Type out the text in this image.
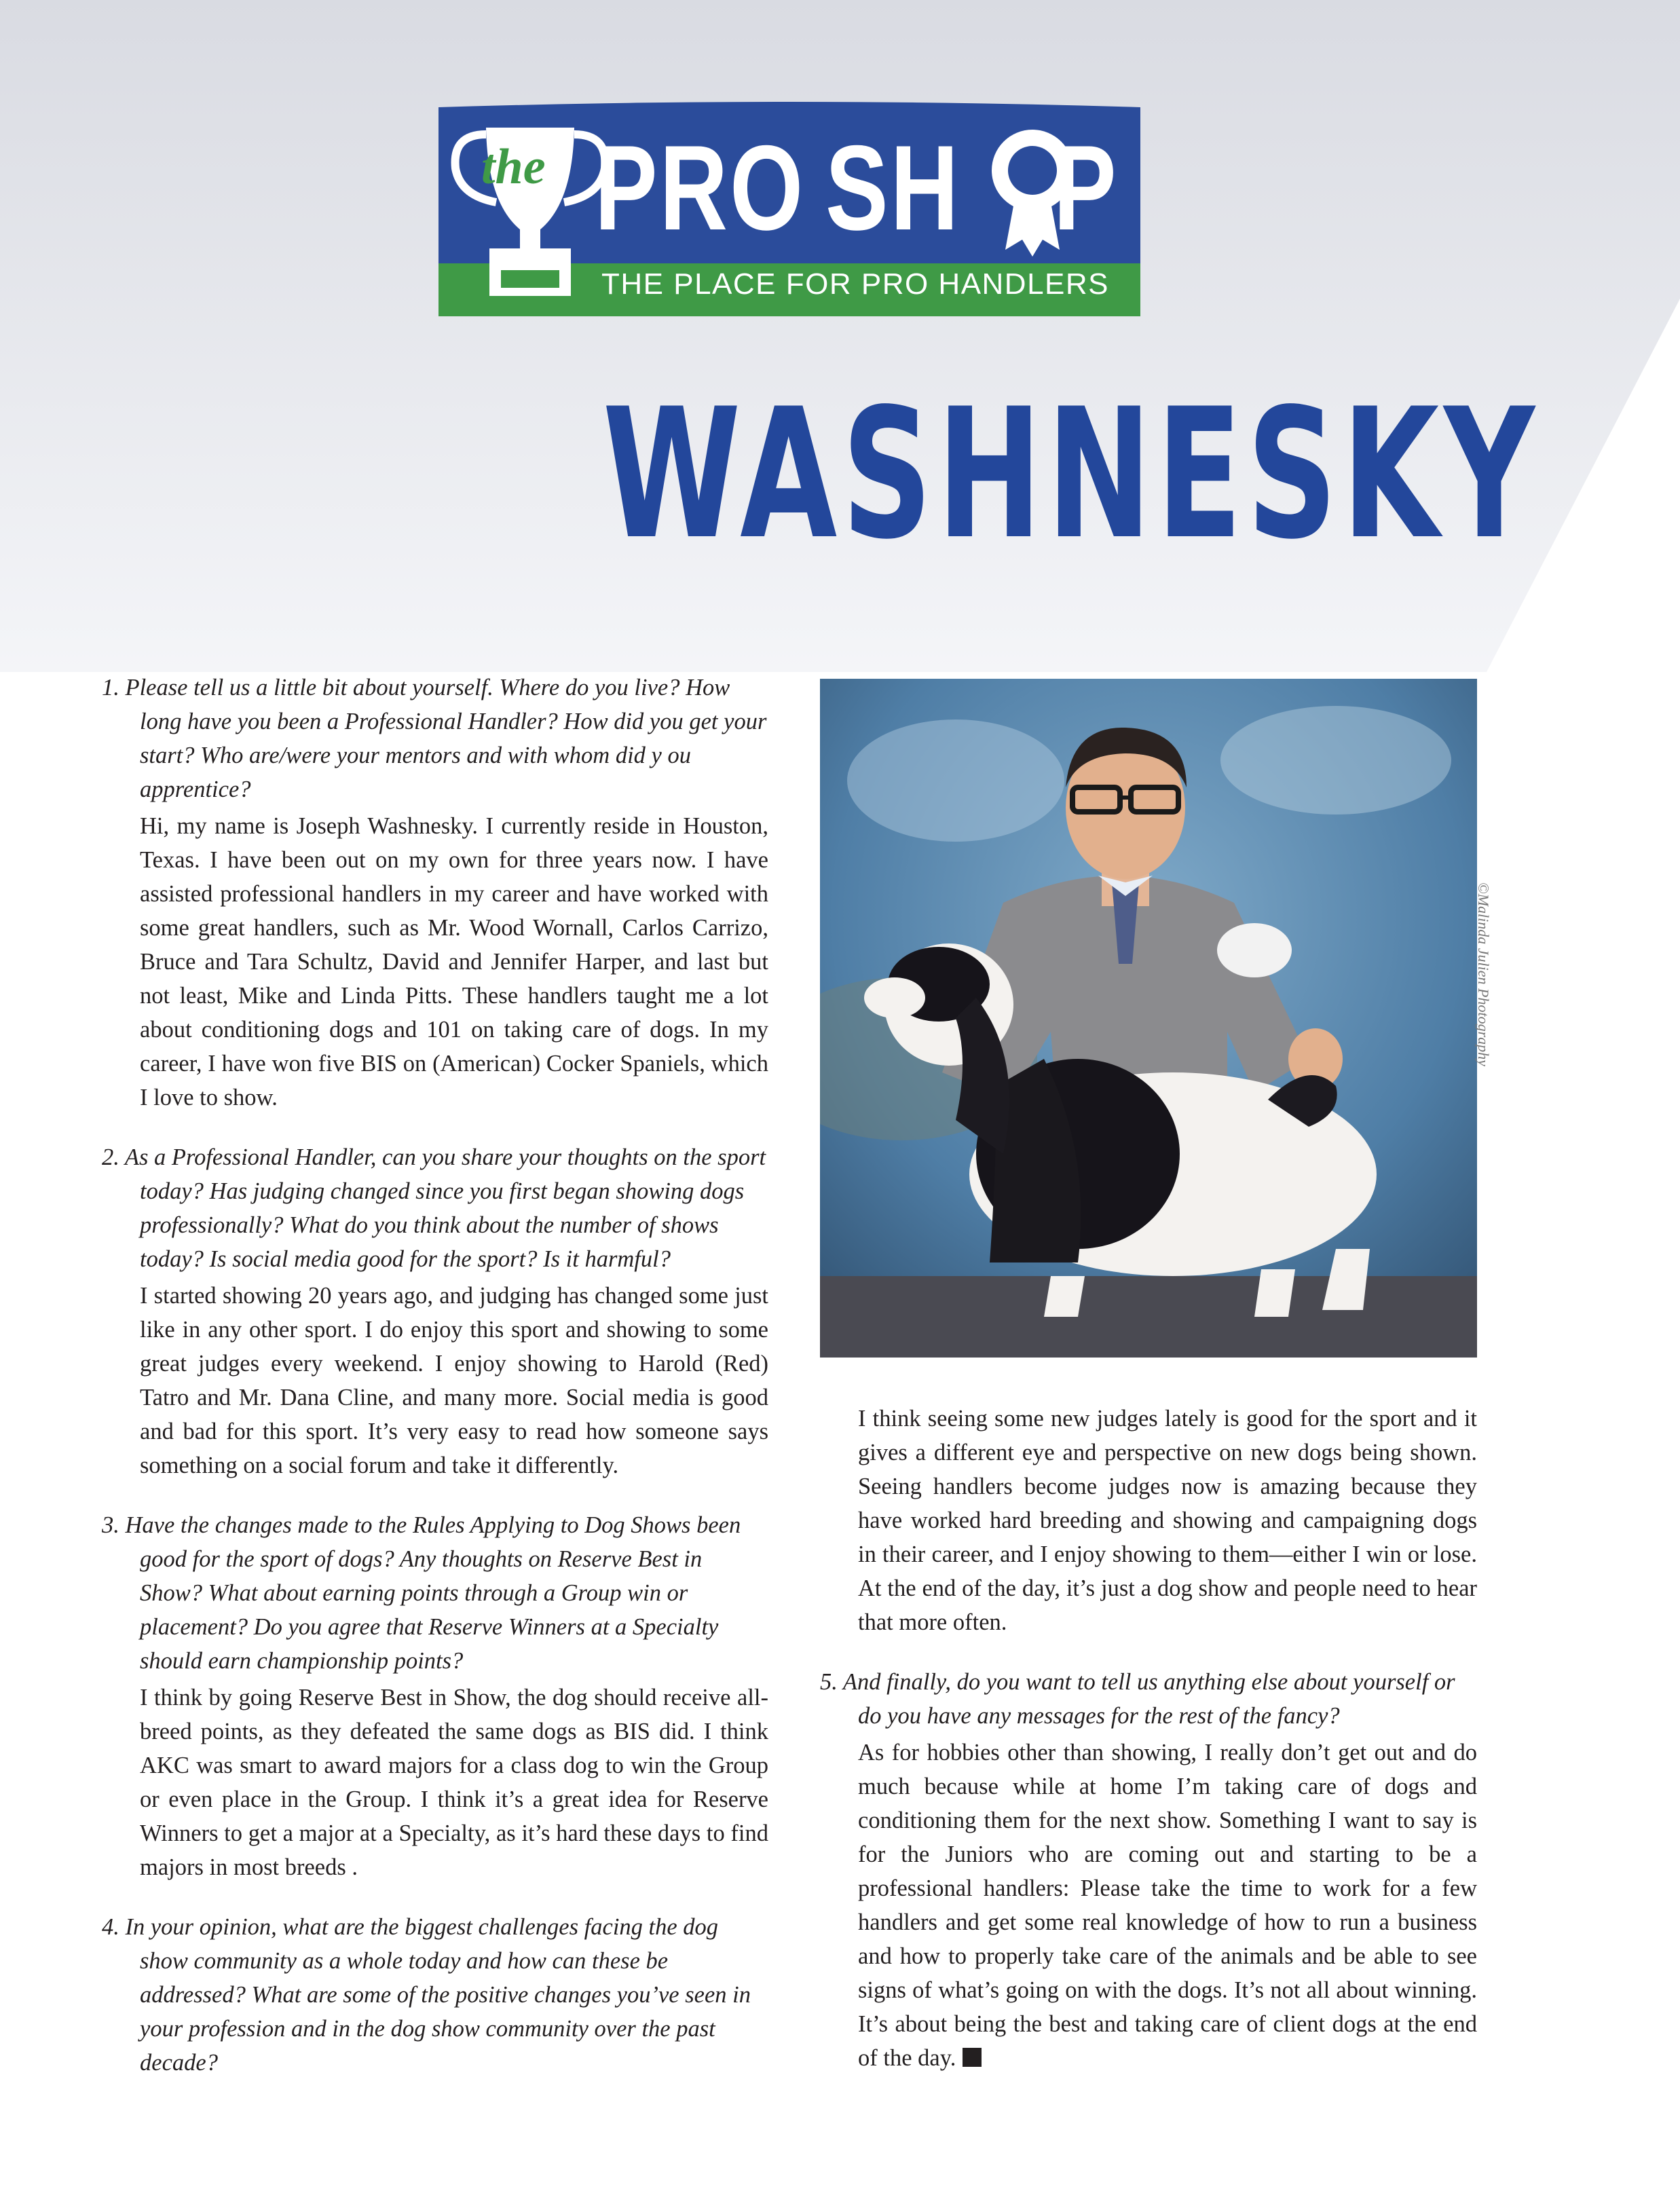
the PRO SH P
THE PLACE FOR PRO HANDLERS
WASHNESKY

1. Please tell us a little bit about yourself. Where do you live? How long have you been a Professional Handler? How did you get your start? Who are/were your mentors and with whom did y ou apprentice?

Hi, my name is Joseph Washnesky. I currently reside in Houston, Texas. I have been out on my own for three years now. I have assisted professional handlers in my career and have worked with some great handlers, such as Mr. Wood Wornall, Carlos Carrizo, Bruce and Tara Schultz, David and Jennifer Harper, and last but not least, Mike and Linda Pitts. These handlers taught me a lot about conditioning dogs and 101 on taking care of dogs. In my career, I have won five BIS on (American) Cocker Spaniels, which I love to show.

2. As a Professional Handler, can you share your thoughts on the sport today? Has judging changed since you first began showing dogs professionally? What do you think about the number of shows today? Is social media good for the sport? Is it harmful?

I started showing 20 years ago, and judging has changed some just like in any other sport. I do enjoy this sport and showing to some great judges every weekend. I enjoy showing to Harold (Red) Tatro and Mr. Dana Cline, and many more. Social media is good and bad for this sport. It’s very easy to read how someone says something on a social forum and take it differently.

3. Have the changes made to the Rules Applying to Dog Shows been good for the sport of dogs? Any thoughts on Reserve Best in Show? What about earning points through a Group win or placement? Do you agree that Reserve Winners at a Specialty should earn championship points?

I think by going Reserve Best in Show, the dog should receive all-breed points, as they defeated the same dogs as BIS did. I think AKC was smart to award majors for a class dog to win the Group or even place in the Group. I think it’s a great idea for Reserve Winners to get a major at a Specialty, as it’s hard these days to find majors in most breeds .

4. In your opinion, what are the biggest challenges facing the dog show community as a whole today and how can these be addressed? What are some of the positive changes you’ve seen in your profession and in the dog show community over the past decade?

©Malinda Julien Photography

I think seeing some new judges lately is good for the sport and it gives a different eye and perspective on new dogs being shown. Seeing handlers become judges now is amazing because they have worked hard breeding and showing and campaigning dogs in their career, and I enjoy showing to them—either I win or lose. At the end of the day, it’s just a dog show and people need to hear that more often.

5. And finally, do you want to tell us anything else about yourself or do you have any messages for the rest of the fancy?

As for hobbies other than showing, I really don’t get out and do much because while at home I’m taking care of dogs and conditioning them for the next show. Something I want to say is for the Juniors who are coming out and starting to be a professional handlers: Please take the time to work for a few handlers and get some real knowledge of how to run a business and how to properly take care of the animals and be able to see signs of what’s going on with the dogs. It’s not all about winning. It’s about being the best and taking care of client dogs at the end of the day.
